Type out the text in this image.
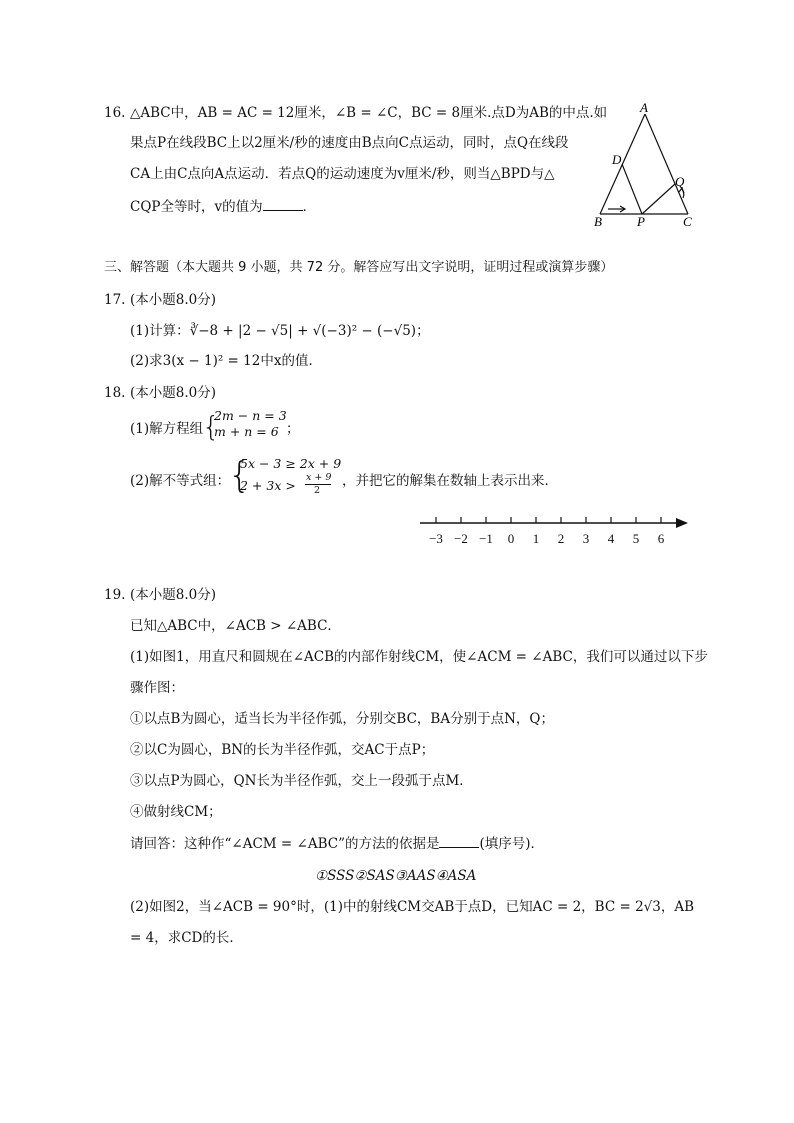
16. △ABC中，AB = AC = 12厘米，∠B = ∠C，BC = 8厘米.点D为AB的中点.如
果点P在线段BC上以2厘米/秒的速度由B点向C点运动，同时，点Q在线段
CA上由C点向A点运动．若点Q的运动速度为v厘米/秒，则当△BPD与△
CQP全等时，v的值为	．
A
D
Q
B	P	C
三、解答题（本大题共 9 小题，共 72 分。解答应写出文字说明，证明过程或演算步骤）
17. (本小题8.0分)
(1)计算：∛−8 + |2 − √5| + √(−3)² − (−√5)；
(2)求3(x − 1)² = 12中x的值．
18. (本小题8.0分)
(1)解方程组
{
2m − n = 3
m + n = 6 ；
(2)解不等式组：
{
5x − 3 ≥ 2x + 9
2 + 3x >
x + 9
2
，并把它的解集在数轴上表示出来．
−3 −2 −1 0 1 2 3 4 5 6
19. (本小题8.0分)
已知△ABC中，∠ACB > ∠ABC．
(1)如图1，用直尺和圆规在∠ACB的内部作射线CM，使∠ACM = ∠ABC，我们可以通过以下步
骤作图：
①以点B为圆心，适当长为半径作弧，分别交BC，BA分别于点N，Q；
②以C为圆心，BN的长为半径作弧，交AC于点P；
③以点P为圆心，QN长为半径作弧，交上一段弧于点M．
④做射线CM；
请回答：这种作“∠ACM = ∠ABC”的方法的依据是	(填序号)．
①SSS②SAS③AAS④ASA
(2)如图2，当∠ACB = 90°时，(1)中的射线CM交AB于点D，已知AC = 2，BC = 2√3，AB
= 4，求CD的长．
